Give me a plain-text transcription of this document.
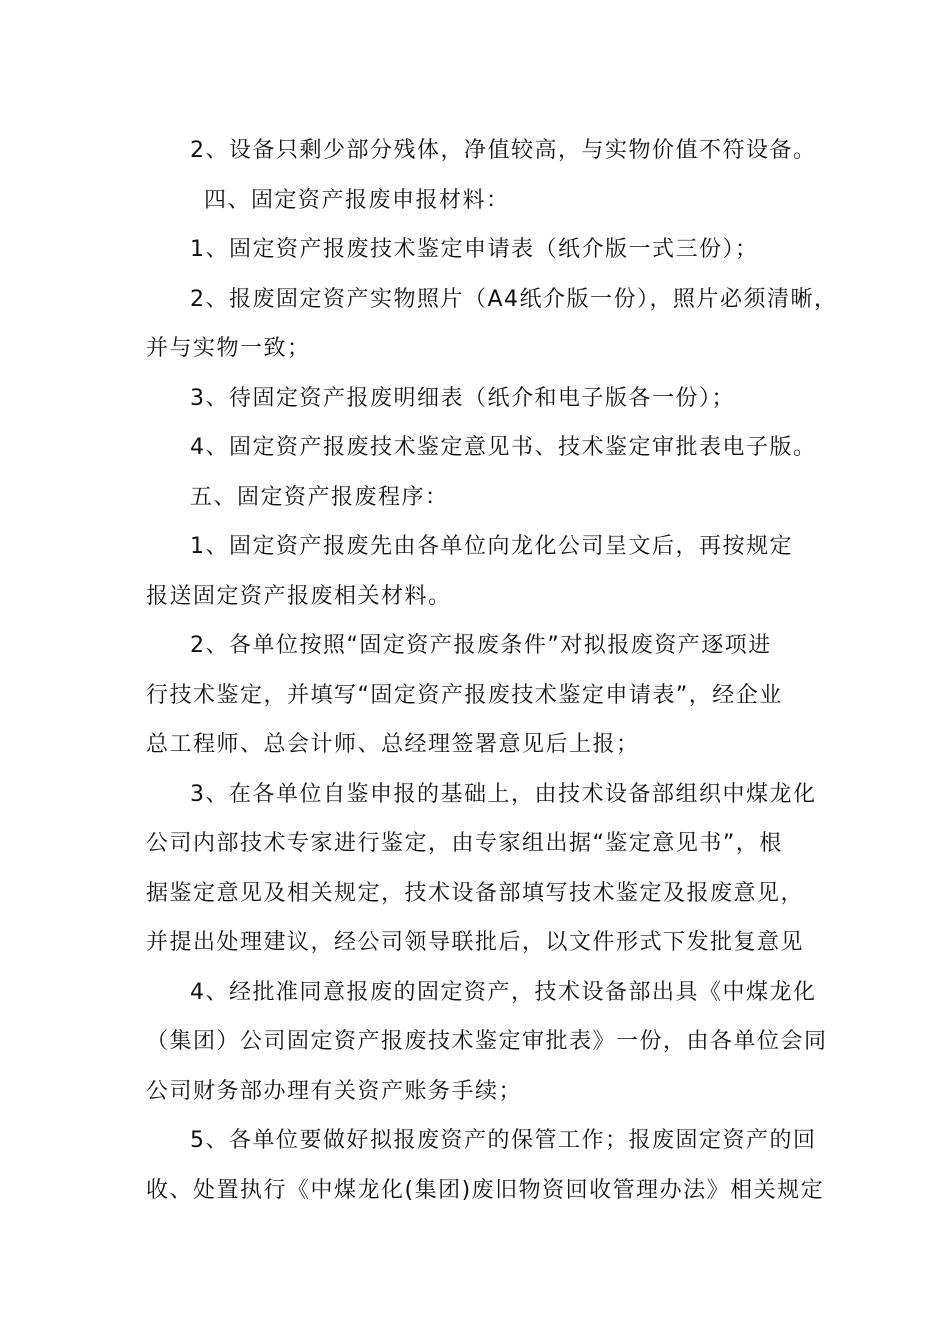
2、设备只剩少部分残体，净值较高，与实物价值不符设备。
四、固定资产报废申报材料：
1、固定资产报废技术鉴定申请表（纸介版一式三份）；
2、报废固定资产实物照片（A4纸介版一份），照片必须清晰，
并与实物一致；
3、待固定资产报废明细表（纸介和电子版各一份）；
4、固定资产报废技术鉴定意见书、技术鉴定审批表电子版。
五、固定资产报废程序：
1、固定资产报废先由各单位向龙化公司呈文后，再按规定
报送固定资产报废相关材料。
2、各单位按照“固定资产报废条件”对拟报废资产逐项进
行技术鉴定，并填写“固定资产报废技术鉴定申请表”，经企业
总工程师、总会计师、总经理签署意见后上报；
3、在各单位自鉴申报的基础上，由技术设备部组织中煤龙化
公司内部技术专家进行鉴定，由专家组出据“鉴定意见书”，根
据鉴定意见及相关规定，技术设备部填写技术鉴定及报废意见，
并提出处理建议，经公司领导联批后，以文件形式下发批复意见
4、经批准同意报废的固定资产，技术设备部出具《中煤龙化
（集团）公司固定资产报废技术鉴定审批表》一份，由各单位会同
公司财务部办理有关资产账务手续；
5、各单位要做好拟报废资产的保管工作；报废固定资产的回
收、处置执行《中煤龙化(集团)废旧物资回收管理办法》相关规定
